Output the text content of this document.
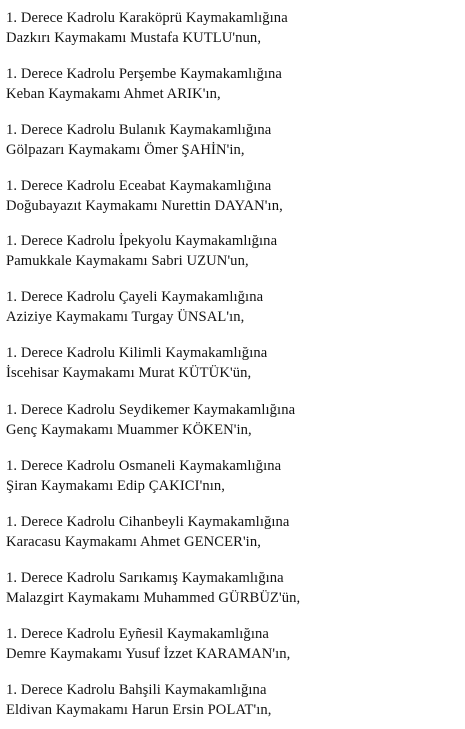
1. Derece Kadrolu Karaköprü Kaymakamlığına
Dazkırı Kaymakamı Mustafa KUTLU'nun,
1. Derece Kadrolu Perşembe Kaymakamlığına
Keban Kaymakamı Ahmet ARIK'ın,
1. Derece Kadrolu Bulanık Kaymakamlığına
Gölpazarı Kaymakamı Ömer ŞAHİN'in,
1. Derece Kadrolu Eceabat Kaymakamlığına
Doğubayazıt Kaymakamı Nurettin DAYAN'ın,
1. Derece Kadrolu İpekyolu Kaymakamlığına
Pamukkale Kaymakamı Sabri UZUN'un,
1. Derece Kadrolu Çayeli Kaymakamlığına
Aziziye Kaymakamı Turgay ÜNSAL'ın,
1. Derece Kadrolu Kilimli Kaymakamlığına
İscehisar Kaymakamı Murat KÜTÜK'ün,
1. Derece Kadrolu Seydikemer Kaymakamlığına
Genç Kaymakamı Muammer KÖKEN'in,
1. Derece Kadrolu Osmaneli Kaymakamlığına
Şiran Kaymakamı Edip ÇAKICI'nın,
1. Derece Kadrolu Cihanbeyli Kaymakamlığına
Karacasu Kaymakamı Ahmet GENCER'in,
1. Derece Kadrolu Sarıkamış Kaymakamlığına
Malazgirt Kaymakamı Muhammed GÜRBÜZ'ün,
1. Derece Kadrolu Eyñesil Kaymakamlığına
Demre Kaymakamı Yusuf İzzet KARAMAN'ın,
1. Derece Kadrolu Bahşili Kaymakamlığına
Eldivan Kaymakamı Harun Ersin POLAT'ın,
